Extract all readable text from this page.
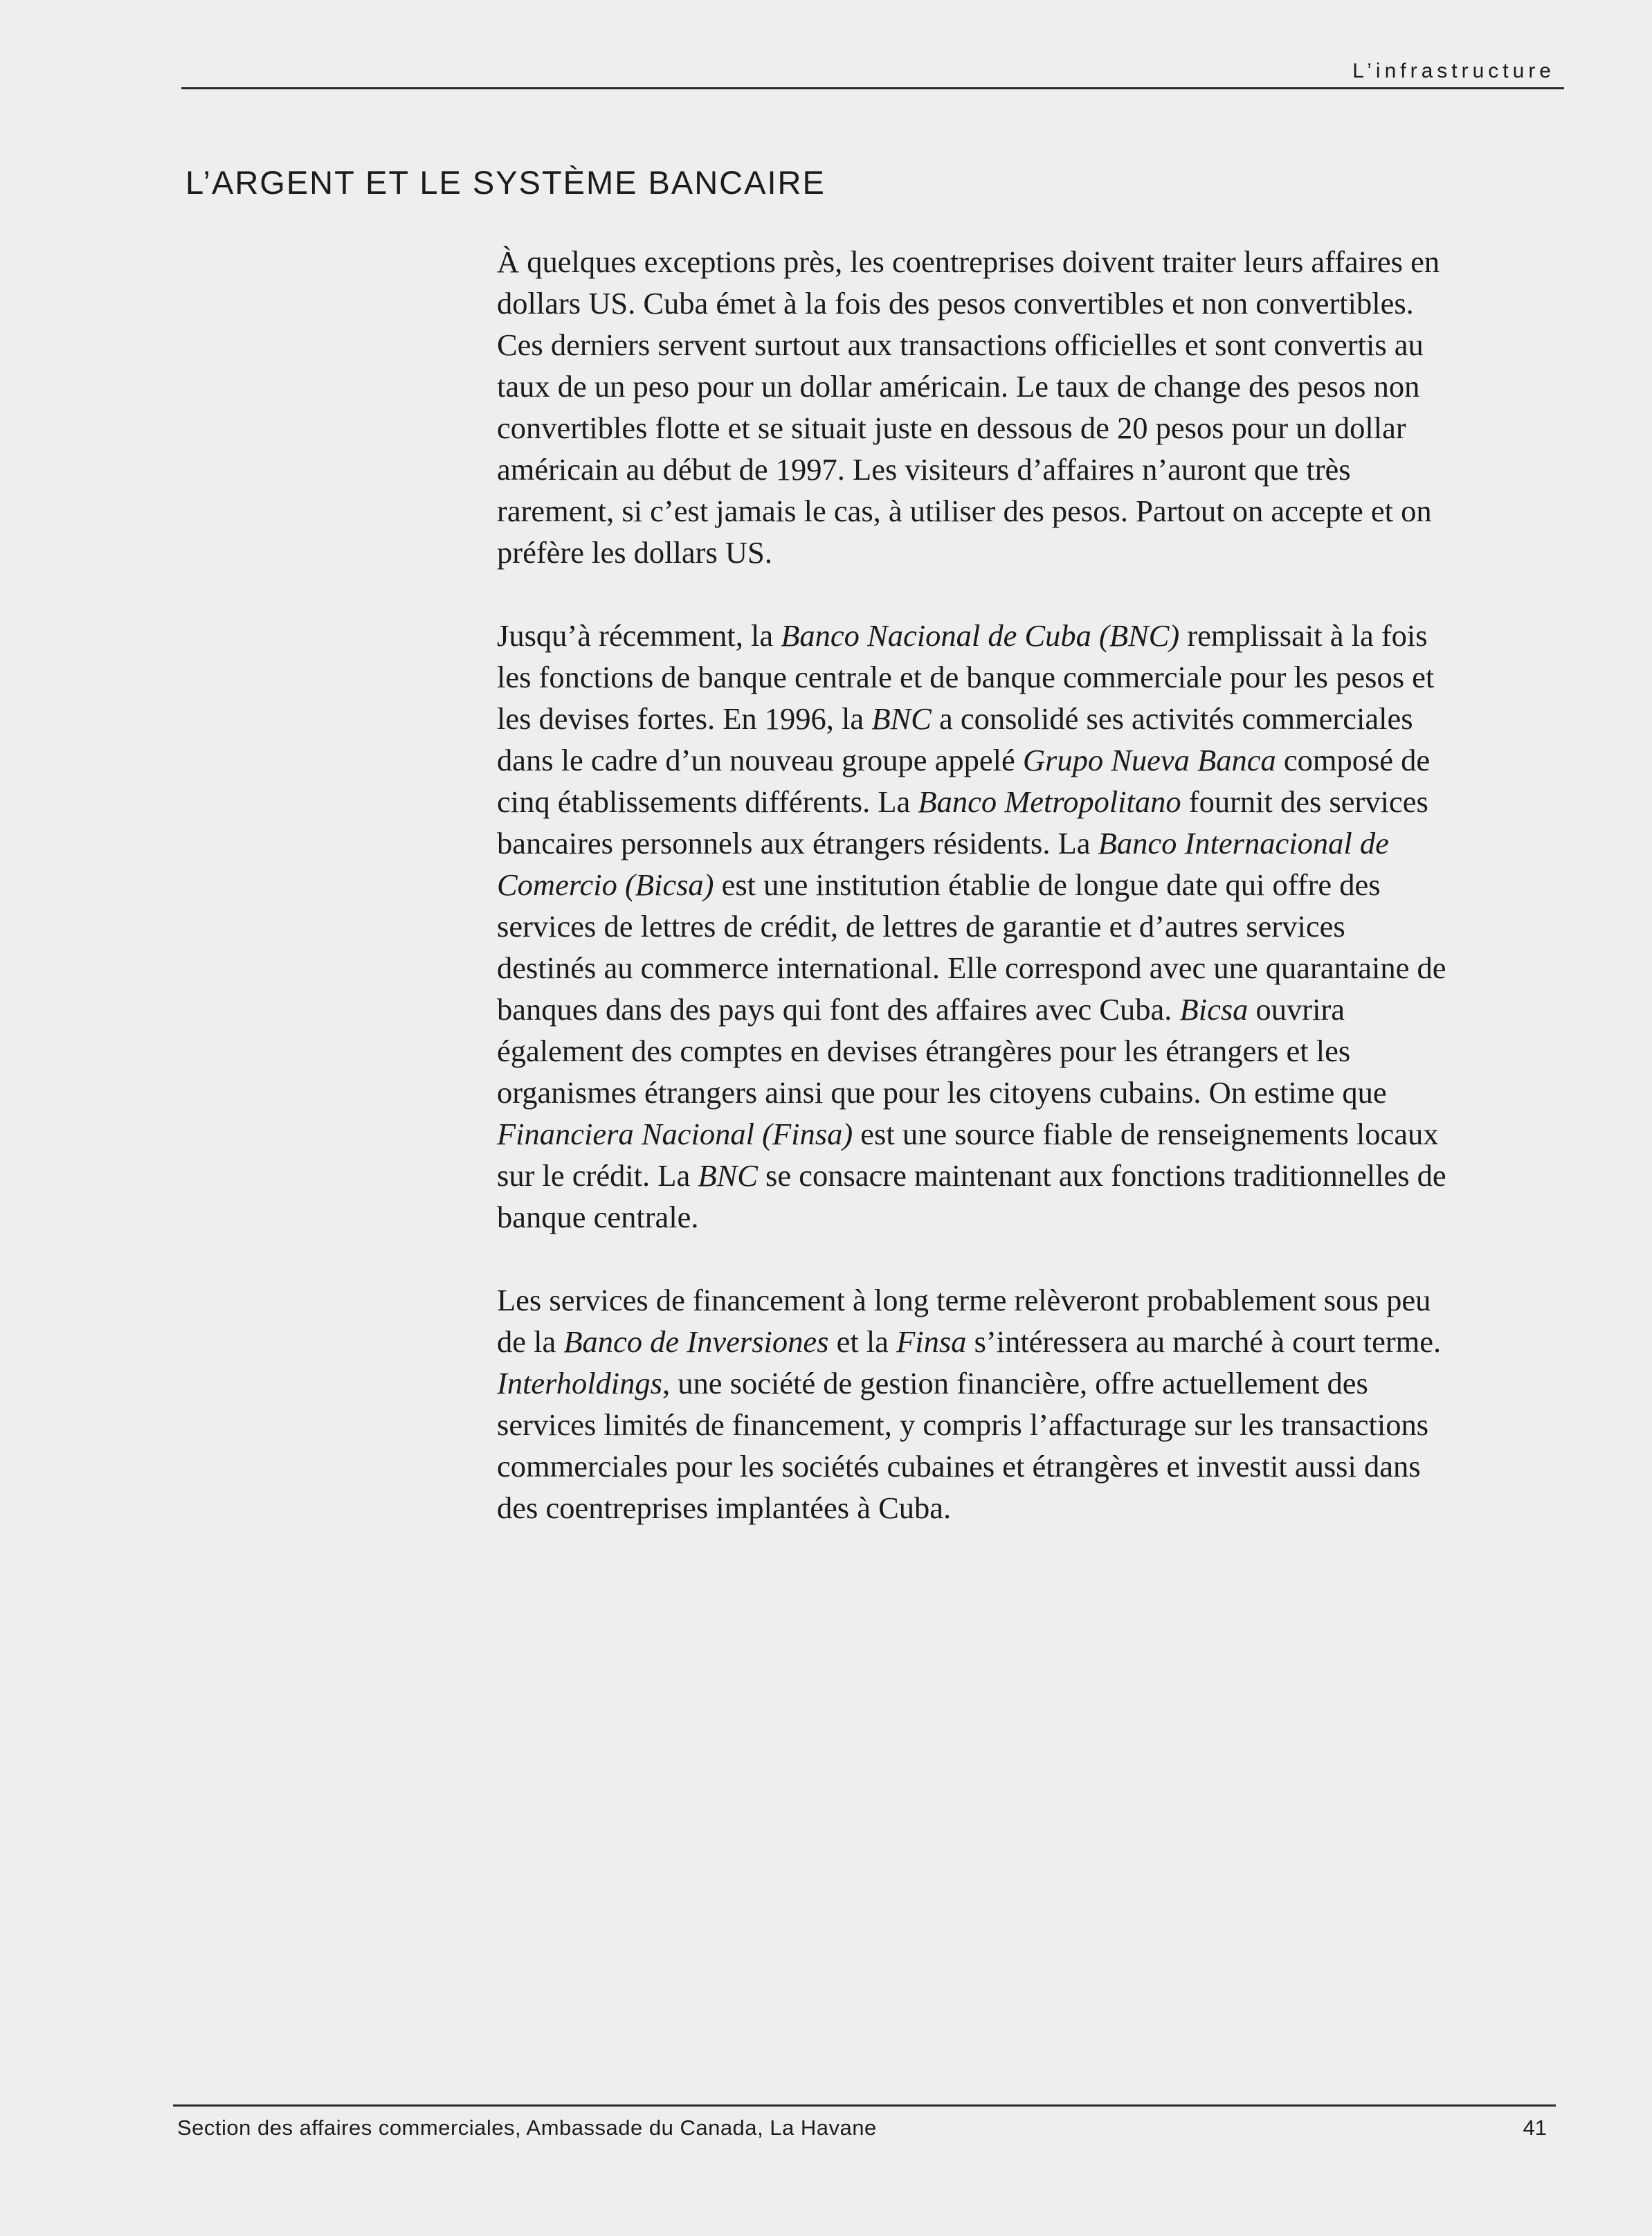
L’infrastructure
L’ARGENT ET LE SYSTÈME BANCAIRE

À quelques exceptions près, les coentreprises doivent traiter leurs affaires en dollars US. Cuba émet à la fois des pesos convertibles et non convertibles. Ces derniers servent surtout aux transactions officielles et sont convertis au taux de un peso pour un dollar américain. Le taux de change des pesos non convertibles flotte et se situait juste en dessous de 20 pesos pour un dollar américain au début de 1997. Les visiteurs d’affaires n’auront que très rarement, si c’est jamais le cas, à utiliser des pesos. Partout on accepte et on préfère les dollars US.

Jusqu’à récemment, la Banco Nacional de Cuba (BNC) remplissait à la fois les fonctions de banque centrale et de banque commerciale pour les pesos et les devises fortes. En 1996, la BNC a consolidé ses activités commerciales dans le cadre d’un nouveau groupe appelé Grupo Nueva Banca composé de cinq établissements différents. La Banco Metropolitano fournit des services bancaires personnels aux étrangers résidents. La Banco Internacional de Comercio (Bicsa) est une institution établie de longue date qui offre des services de lettres de crédit, de lettres de garantie et d’autres services destinés au commerce international. Elle correspond avec une quarantaine de banques dans des pays qui font des affaires avec Cuba. Bicsa ouvrira également des comptes en devises étrangères pour les étrangers et les organismes étrangers ainsi que pour les citoyens cubains. On estime que Financiera Nacional (Finsa) est une source fiable de renseignements locaux sur le crédit. La BNC se consacre maintenant aux fonctions traditionnelles de banque centrale.

Les services de financement à long terme relèveront probablement sous peu de la Banco de Inversiones et la Finsa s’intéressera au marché à court terme. Interholdings, une société de gestion financière, offre actuellement des services limités de financement, y compris l’affacturage sur les transactions commerciales pour les sociétés cubaines et étrangères et investit aussi dans des coentreprises implantées à Cuba.

Section des affaires commerciales, Ambassade du Canada, La Havane	41
